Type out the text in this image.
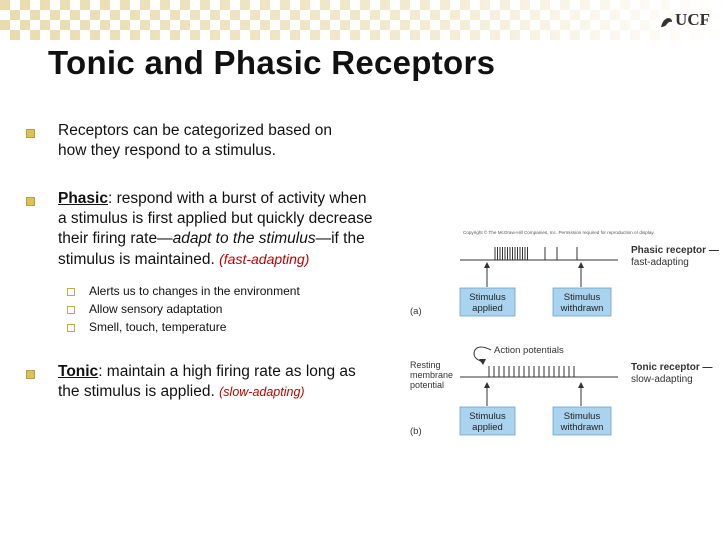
UCF
Tonic and Phasic Receptors
Receptors can be categorized based on
how they respond to a stimulus.
Phasic: respond with a burst of activity when
a stimulus is first applied but quickly decrease
their firing rate—adapt to the stimulus—if the
stimulus is maintained. (fast-adapting)
Alerts us to changes in the environment
Allow sensory adaptation
Smell, touch, temperature
Tonic: maintain a high firing rate as long as
the stimulus is applied. (slow-adapting)
Copyright © The McGraw-Hill Companies, Inc. Permission required for reproduction or display.
Phasic receptor —
fast-adapting
Stimulus
applied
Stimulus
withdrawn
(a)
Action potentials
Resting
membrane
potential
Tonic receptor —
slow-adapting
Stimulus
applied
Stimulus
withdrawn
(b)
